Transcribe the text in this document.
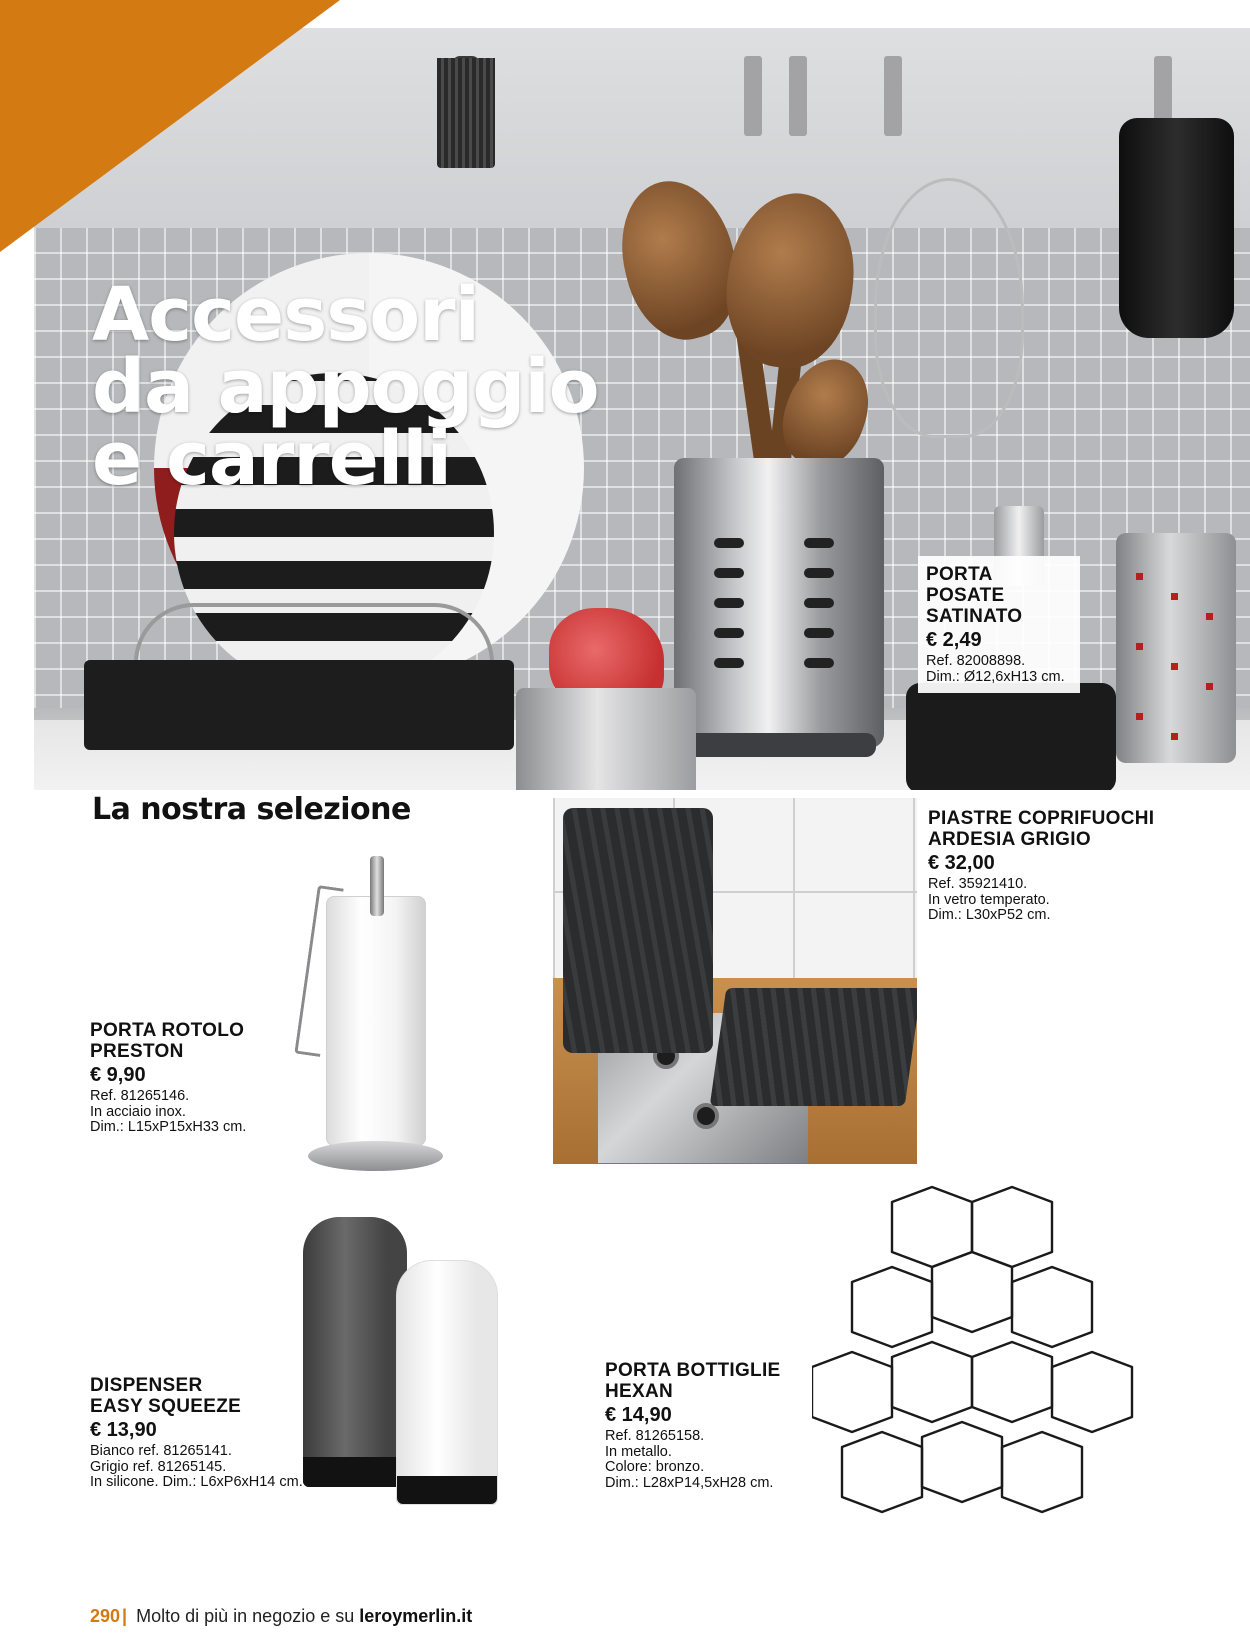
Accessori
da appoggio
e carrelli
PORTA POSATE
SATINATO
€ 2,49
Ref. 82008898.
Dim.: Ø12,6xH13 cm.
La nostra selezione	PIASTRE COPRIFUOCHI
ARDESIA GRIGIO
€ 32,00
Ref. 35921410.
In vetro temperato.
Dim.: L30xP52 cm.
PORTA ROTOLO
PRESTON
€ 9,90
Ref. 81265146.
In acciaio inox.
Dim.: L15xP15xH33 cm.
DISPENSER
EASY SQUEEZE
€ 13,90
Bianco ref. 81265141.
Grigio ref. 81265145.
In silicone. Dim.: L6xP6xH14 cm.
PORTA BOTTIGLIE
HEXAN
€ 14,90
Ref. 81265158.
In metallo.
Colore: bronzo.
Dim.: L28xP14,5xH28 cm.
290 | Molto di più in negozio e su leroymerlin.it
